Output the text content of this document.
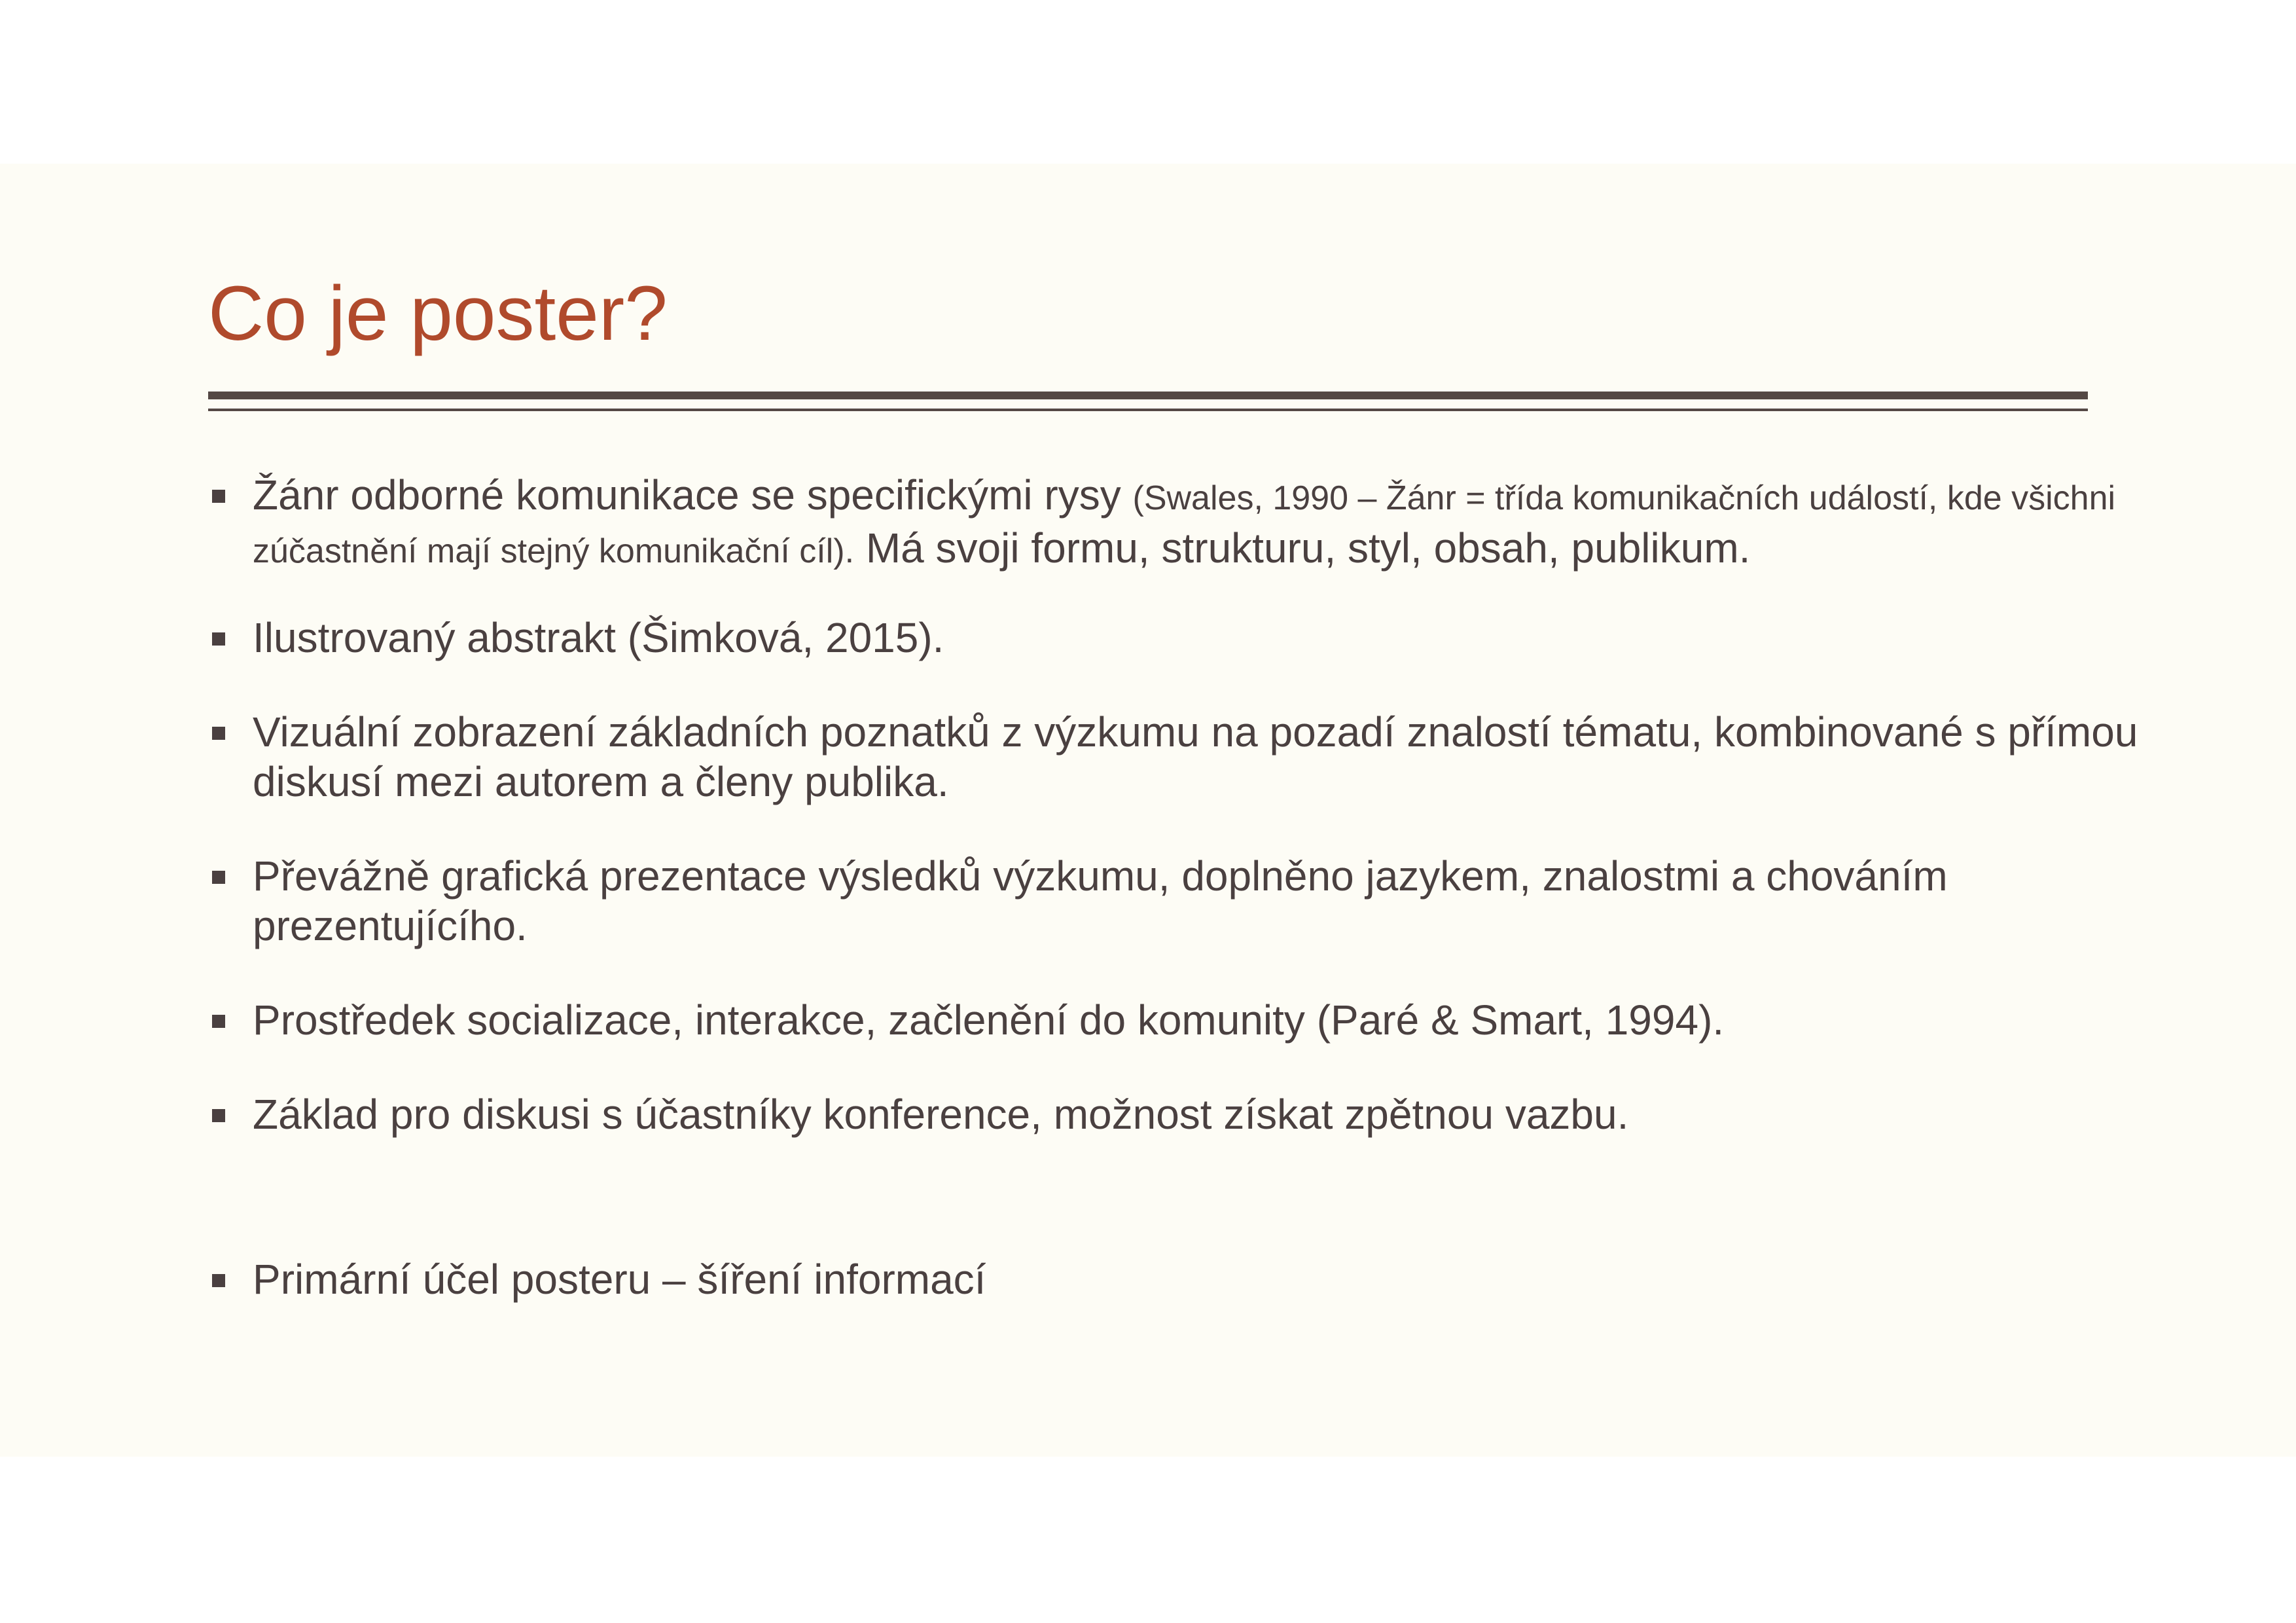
Co je poster?
Žánr odborné komunikace se specifickými rysy (Swales, 1990 – Žánr = třída komunikačních událostí, kde všichni zúčastnění mají stejný komunikační cíl). Má svoji formu, strukturu, styl, obsah, publikum.
Ilustrovaný abstrakt (Šimková, 2015).
Vizuální zobrazení základních poznatků z výzkumu na pozadí znalostí tématu, kombinované s přímou diskusí mezi autorem a členy publika.
Převážně grafická prezentace výsledků výzkumu, doplněno jazykem, znalostmi a chováním prezentujícího.
Prostředek socializace, interakce, začlenění do komunity (Paré & Smart, 1994).
Základ pro diskusi s účastníky konference, možnost získat zpětnou vazbu.
Primární účel posteru – šíření informací
